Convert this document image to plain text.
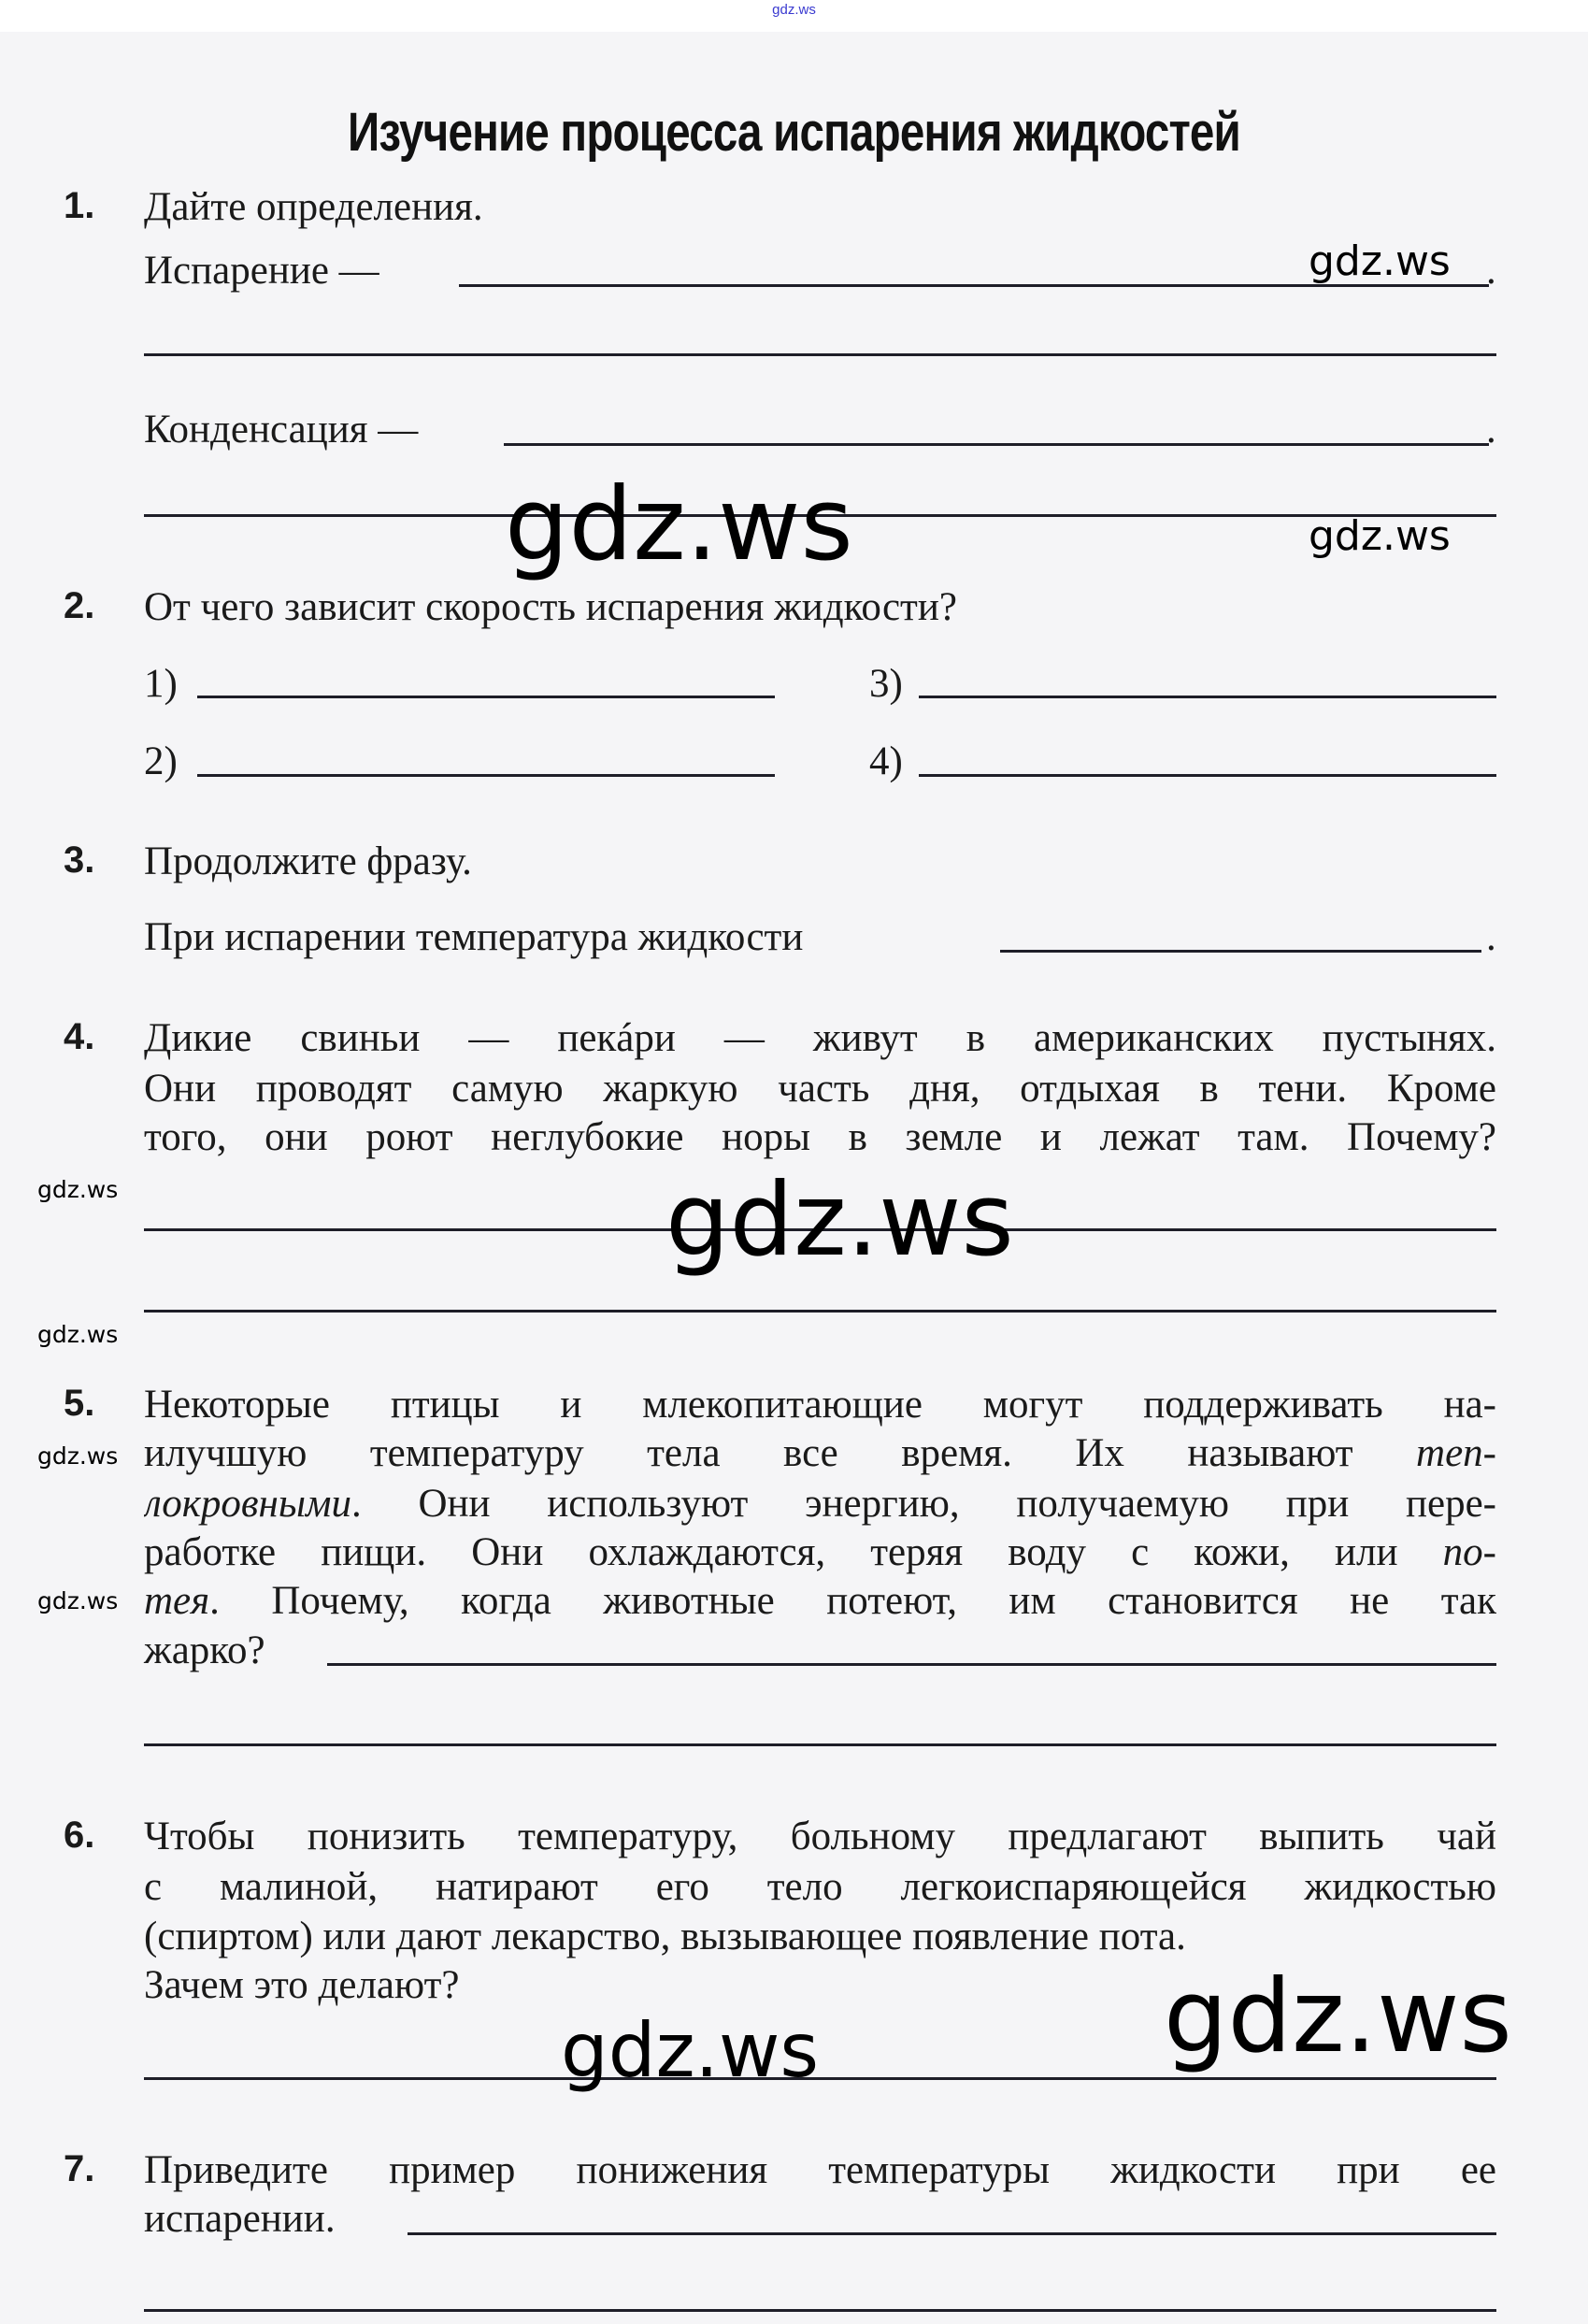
gdz.ws
Изучение процесса испарения жидкостей
1. Дайте определения.
Испарение —	.
Конденсация —	.
2. От чего зависит скорость испарения жидкости?
1)	3)
2)	4)
3. Продолжите фразу.
При испарении температура жидкости	.
4. Дикие свиньи — пекáри — живут в американских пустынях.
Они проводят самую жаркую часть дня, отдыхая в тени. Кроме
того, они роют неглубокие норы в земле и лежат там. Почему?
5. Некоторые птицы и млекопитающие могут поддерживать на-
илучшую температуру тела все время. Их называют теп-
локровными. Они используют энергию, получаемую при пере-
работке пищи. Они охлаждаются, теряя воду с кожи, или по-
тея. Почему, когда животные потеют, им становится не так
жарко?
6. Чтобы понизить температуру, больному предлагают выпить чай
с малиной, натирают его тело легкоиспаряющейся жидкостью
(спиртом) или дают лекарство, вызывающее появление пота.
Зачем это делают?
7. Приведите пример понижения температуры жидкости при ее
испарении.
gdz.ws
gdz.ws	gdz.ws
gdz.ws	gdz.ws
gdz.ws
gdz.ws
gdz.ws
gdz.ws
gdz.ws
